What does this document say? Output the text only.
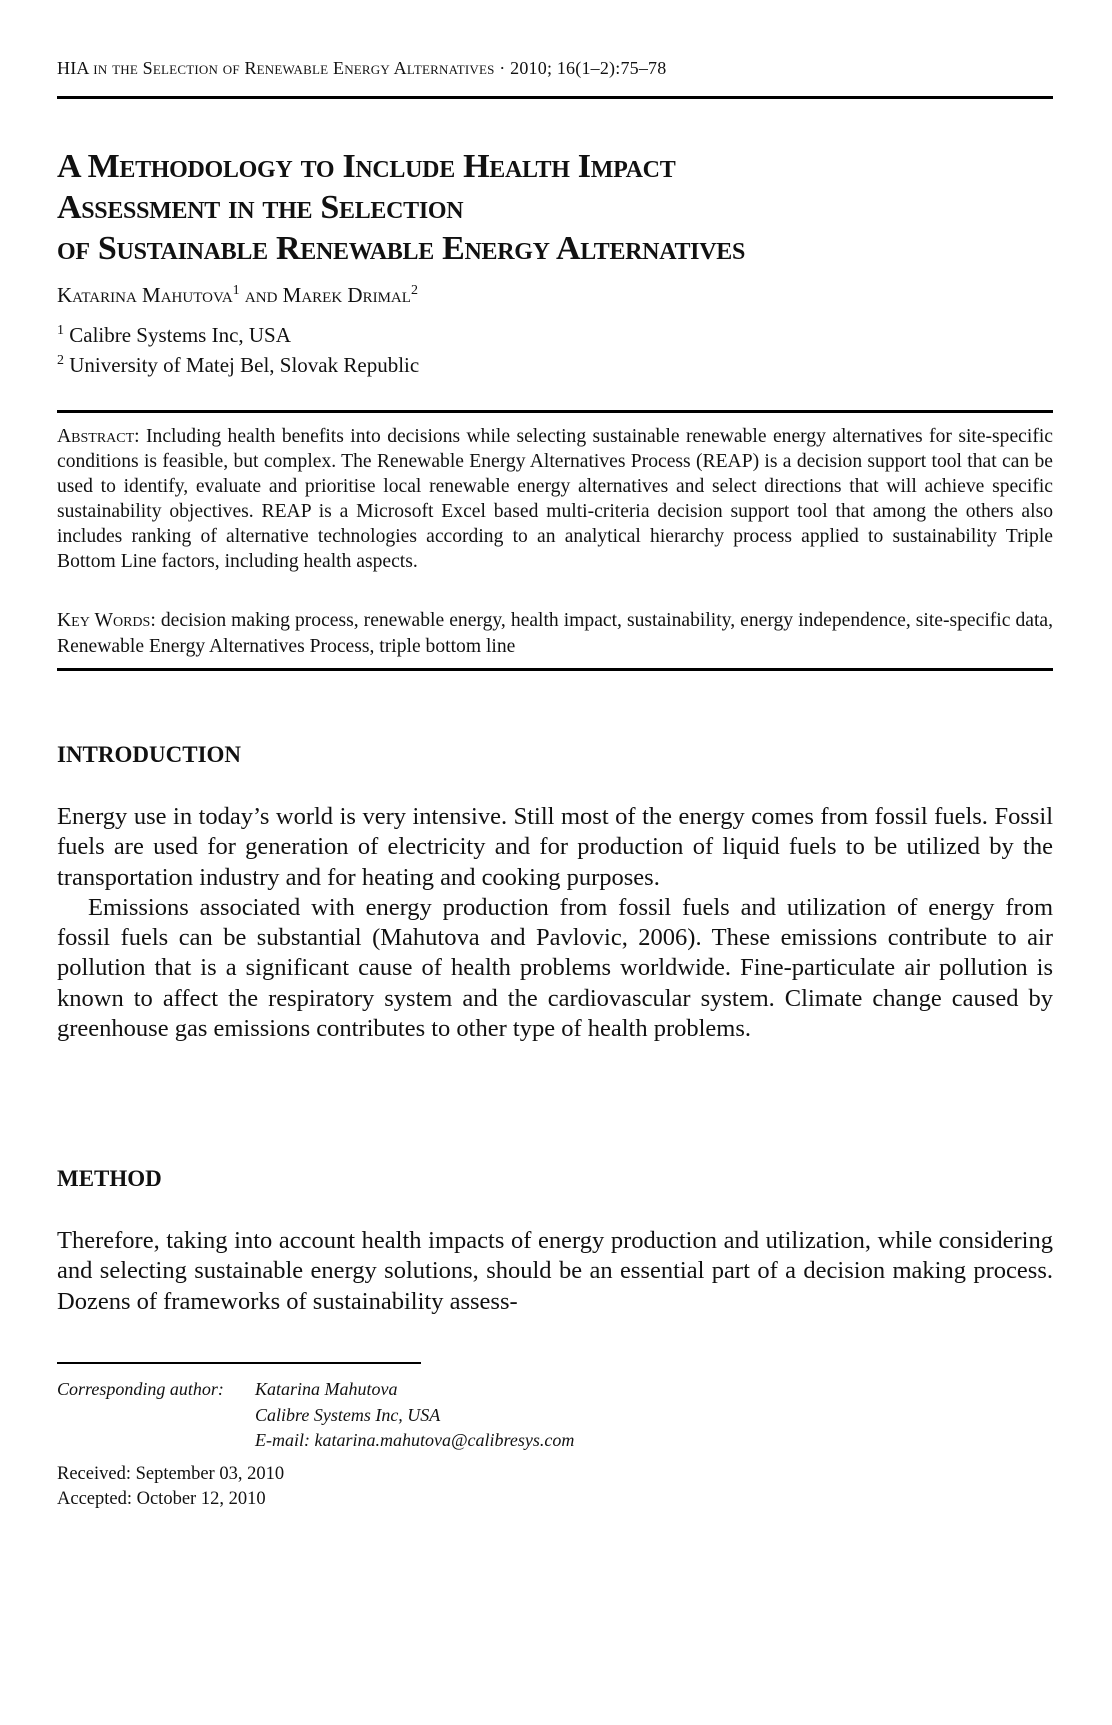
HIA in the Selection of Renewable Energy Alternatives · 2010; 16(1–2):75–78
A Methodology to Include Health Impact
Assessment in the Selection
of Sustainable Renewable Energy Alternatives
Katarina Mahutova$^1$ and Marek Drimal$^2$
$^1$ Calibre Systems Inc, USA
$^2$ University of Matej Bel, Slovak Republic
Abstract: Including health benefits into decisions while selecting sustainable renewable energy alternatives for site-specific conditions is feasible, but complex. The Renewable Energy Alternatives Process (REAP) is a decision support tool that can be used to identify, evaluate and prioritise local renewable energy alternatives and select directions that will achieve specific sustainability objectives. REAP is a Microsoft Excel based multi-criteria decision support tool that among the others also includes ranking of alternative technologies according to an analytical hierarchy process applied to sustainability Triple Bottom Line factors, including health aspects.
Key Words: decision making process, renewable energy, health impact, sustainability, energy independence, site-specific data, Renewable Energy Alternatives Process, triple bottom line
INTRODUCTION

Energy use in today’s world is very intensive. Still most of the energy comes from fossil fuels. Fossil fuels are used for generation of electricity and for production of liquid fuels to be utilized by the transportation industry and for heating and cooking purposes.

Emissions associated with energy production from fossil fuels and utilization of energy from fossil fuels can be substantial (Mahutova and Pavlovic, 2006). These emissions contribute to air pollution that is a significant cause of health problems worldwide. Fine-particulate air pollution is known to affect the respiratory system and the cardiovascular system. Climate change caused by greenhouse gas emissions contributes to other type of health problems.

METHOD

Therefore, taking into account health impacts of energy production and utilization, while considering and selecting sustainable energy solutions, should be an essential part of a decision making process. Dozens of frameworks of sustainability assess-

Corresponding author:	Katarina Mahutova
Calibre Systems Inc, USA
E-mail: katarina.mahutova@calibresys.com
Received: September 03, 2010
Accepted: October 12, 2010
